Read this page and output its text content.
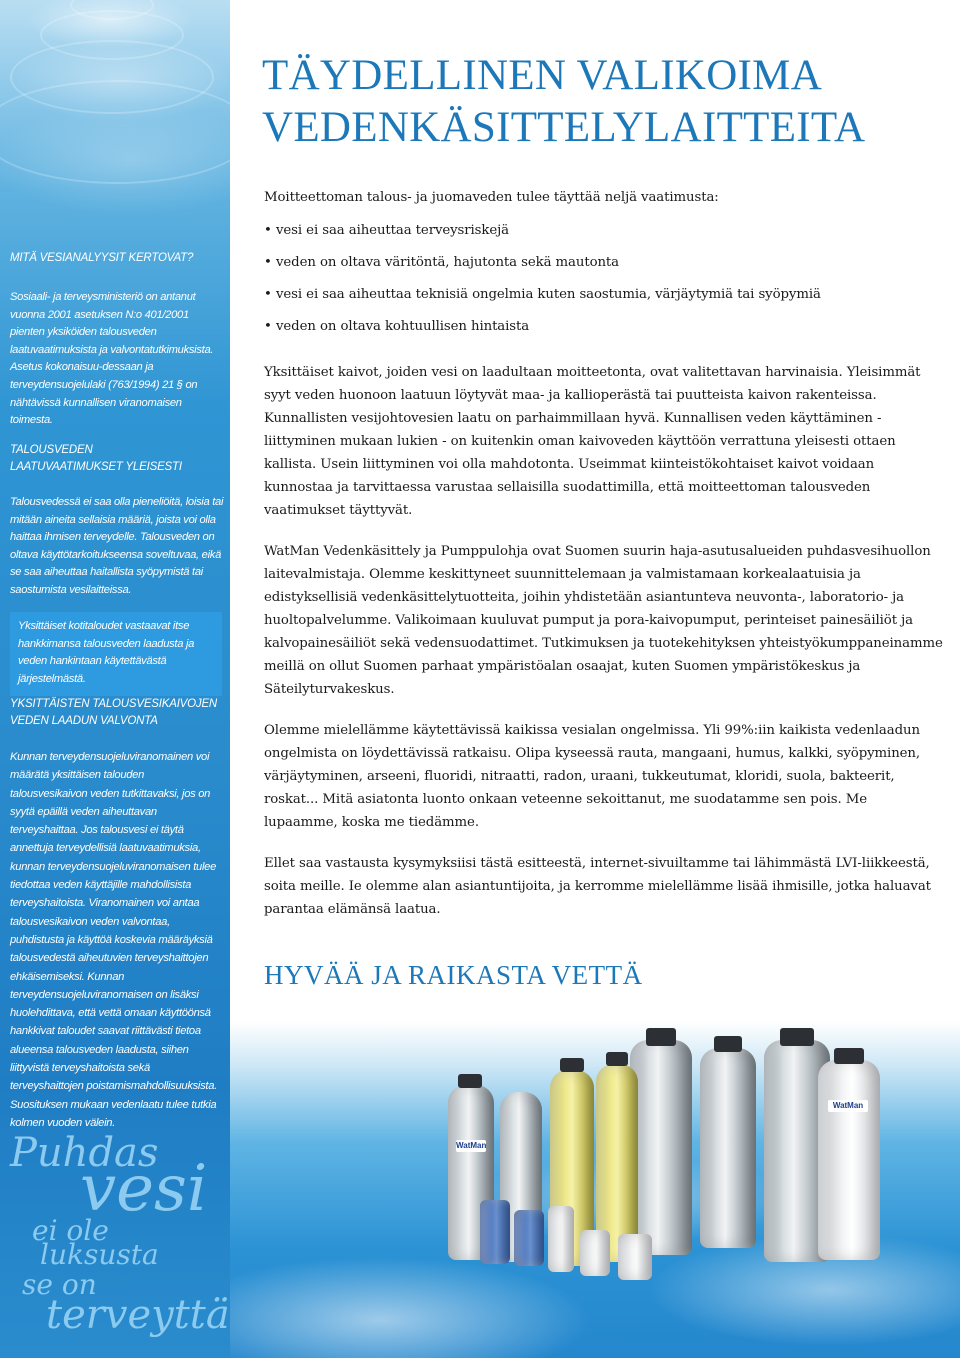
MITÄ VESIANALYYSIT KERTOVAT?

Sosiaali- ja terveysministeriö on antanut vuonna 2001 asetuksen N:o 401/2001 pienten yksiköiden talousveden laatuvaatimuksista ja valvontatutkimuksista. Asetus kokonaisuu-dessaan ja terveydensuojelulaki (763/1994) 21 § on nähtävissä kunnallisen viranomaisen toimesta.

TALOUSVEDEN

LAATUVAATIMUKSET YLEISESTI

Talousvedessä ei saa olla pieneliöitä, loisia tai mitään aineita sellaisia määriä, joista voi olla haittaa ihmisen terveydelle. Talousveden on oltava käyttötarkoitukseensa soveltuvaa, eikä se saa aiheuttaa haitallista syöpymistä tai saostumista vesilaitteissa.

Yksittäiset kotitaloudet vastaavat itse hankkimansa talousveden laadusta ja veden hankintaan käytettävästä järjestelmästä.

YKSITTÄISTEN TALOUSVESIKAIVOJEN

VEDEN LAADUN VALVONTA

Kunnan terveydensuojeluviranomainen voi määrätä yksittäisen talouden talousvesikaivon veden tutkittavaksi, jos on syytä epäillä veden aiheuttavan terveyshaittaa. Jos talousvesi ei täytä annettuja terveydellisiä laatuvaatimuksia, kunnan terveydensuojeluviranomaisen tulee tiedottaa veden käyttäjille mahdollisista terveyshaitoista. Viranomainen voi antaa talousvesikaivon veden valvontaa, puhdistusta ja käyttöä koskevia määräyksiä talousvedestä aiheutuvien terveyshaittojen ehkäisemiseksi. Kunnan terveydensuojeluviranomaisen on lisäksi huolehdittava, että vettä omaan käyttöönsä hankkivat taloudet saavat riittävästi tietoa alueensa talousveden laadusta, siihen liittyvistä terveyshaitoista sekä terveyshaittojen poistamismahdollisuuksista. Suosituksen mukaan vedenlaatu tulee tutkia kolmen vuoden välein.

Puhdas
vesi
ei ole
luksusta
se on
terveyttä
TÄYDELLINEN VALIKOIMA
VEDENKÄSITTELYLAITTEITA

Moitteettoman talous- ja juomaveden tulee täyttää neljä vaatimusta:

• vesi ei saa aiheuttaa terveysriskejä
• veden on oltava väritöntä, hajutonta sekä mautonta
• vesi ei saa aiheuttaa teknisiä ongelmia kuten saostumia, värjäytymiä tai syöpymiä
• veden on oltava kohtuullisen hintaista

Yksittäiset kaivot, joiden vesi on laadultaan moitteetonta, ovat valitettavan harvinaisia. Yleisimmät syyt veden huonoon laatuun löytyvät maa- ja kallioperästä tai puutteista kaivon rakenteissa. Kunnallisten vesijohtovesien laatu on parhaimmillaan hyvä. Kunnallisen veden käyttäminen - liittyminen mukaan lukien - on kuitenkin oman kaivoveden käyttöön verrattuna yleisesti ottaen kallista. Usein liittyminen voi olla mahdotonta. Useimmat kiinteistökohtaiset kaivot voidaan kunnostaa ja tarvittaessa varustaa sellaisilla suodattimilla, että moitteettoman talousveden vaatimukset täyttyvät.

WatMan Vedenkäsittely ja Pumppulohja ovat Suomen suurin haja-asutusalueiden puhdasvesihuollon laitevalmistaja. Olemme keskittyneet suunnittelemaan ja valmistamaan korkealaatuisia ja edistyksellisiä vedenkäsittelytuotteita, joihin yhdistetään asiantunteva neuvonta-, laboratorio- ja huoltopalvelumme. Valikoimaan kuuluvat pumput ja pora-kaivopumput, perinteiset painesäiliöt ja kalvopainesäiliöt sekä vedensuodattimet. Tutkimuksen ja tuotekehityksen yhteistyökumppaneinamme meillä on ollut Suomen parhaat ympäristöalan osaajat, kuten Suomen ympäristökeskus ja Säteilyturvakeskus.

Olemme mielellämme käytettävissä kaikissa vesialan ongelmissa. Yli 99%:iin kaikista vedenlaadun ongelmista on löydettävissä ratkaisu. Olipa kyseessä rauta, mangaani, humus, kalkki, syöpyminen, värjäytyminen, arseeni, fluoridi, nitraatti, radon, uraani, tukkeutumat, kloridi, suola, bakteerit, roskat... Mitä asiatonta luonto onkaan veteenne sekoittanut, me suodatamme sen pois. Me lupaamme, koska me tiedämme.

Ellet saa vastausta kysymyksiisi tästä esitteestä, internet-sivuiltamme tai lähimmästä LVI-liikkeestä, soita meille. Ie olemme alan asiantuntijoita, ja kerromme mielellämme lisää ihmisille, jotka haluavat parantaa elämänsä laatua.

WatMan
WatMan
HYVÄÄ JA RAIKASTA VETTÄ
